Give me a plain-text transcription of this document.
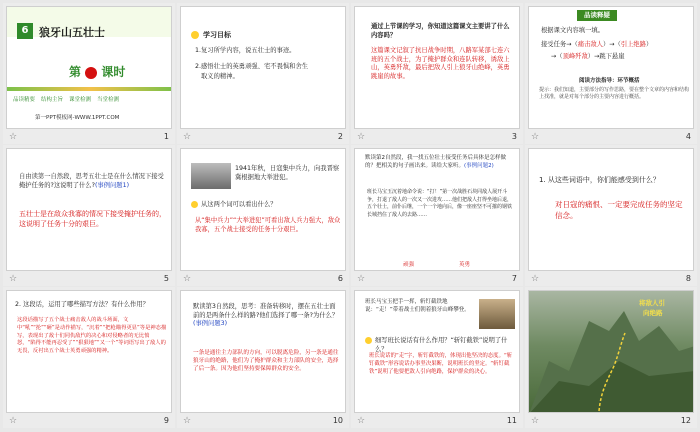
6 狼牙山五壮士
第 课时
品读精要 结构主旨 课堂检测 当堂检测
第一PPT模板网-WWW.1PPT.COM
☆	1
学习目标
1.复习所学内容，说五壮士的事迹。
2.感悟壮士的英勇顽强、宅不畏惧和舍生
取义的精神。
☆	2
通过上节课的学习，你知道这篇课文主要讲了什么内容吗？
这篇课文记叙了抗日战争时期，八路军某部七连六班的五个战士，为了掩护群众和连队转移，诱敌上山，英勇歼敌，最后把敌人引上狼牙山绝峰，英勇跳崖的故事。
☆	3
品读释疑
根据课文内容填一填。
接受任务→（痛击敌人）→（引上绝路）
→（顶峰歼敌）→跳下悬崖
阅读方法指导：环节概括
提示：我们知道，主要部分的写作思路，要在整个文章的内容和结构上找准，就是对每个部分的主要内容进行概括。
☆	4
自由读第一自然段，思考五壮士是在什么情况下接受掩护任务的?这说明了什么?(事例问题1)
五壮士是在敌众我寡的情况下接受掩护任务的，这说明了任务十分的艰巨。
☆	5
1941年秋，日寇集中兵力，向我晋察冀根据地大举进犯。
从这两个词可以看出什么？
从“集中兵力”“大举进犯”可看出敌人兵力强大，敌众我寡，五个战士接受的任务十分艰巨。
☆	6
默读第2自然段，我一找五位壮士接受任务后具体是怎样做的？把相关的句子画出来。读给大家听。(事例问题2)
班长马宝玉沉着地命令说：“打！”第一次战胜石块同敌人展开斗争，打退了敌人的一次又一次进攻……他们把敌人打得坐地后退，五个壮士，前仆后继，一个一个地向后，像一座座坚不可摧的钢铁长城挡住了敌人的去路……
顽强	英勇
☆	7
1. 从这些词语中，你们能感受到什么？
对日寇的痛恨、一定要完成任务的坚定信念。
☆	8
2. 这段话，运用了哪些描写方法？有什么作用？
这段话描写了五个战士痛击敌人的战斗场面，文中“吼”“抡”“砸”是动作描写，“沉着”“把枪瞄得更显”等是神态描写，表现出了敌十们同仇敌忾的决心和对侵略者的无比愤怒，“陷得不能再忍受了”“狠狠地”“又一个”等词语写出了敌人的无畏，反衬出五个战士英勇顽强的精神。
☆	9
默读第3自然段，思考：准备转移时，摆在五壮士面前的是两条什么样的路?他们选择了哪一条?为什么？(事例问题3)
一条是通往主力部队的方向，可以脱离危险，另一条是通往狼牙山的绝路，他们为了掩护群众和主力部队的安全，选择了后一条。因为他们坚持要保障群众的安全。
☆	10
班长马宝玉把手一挥，斩钉截铁地说：“走！”带着战士们朝着狼牙山峰攀登。
细写班长说话有什么作用？“斩钉截铁”说明了什么？
班长说话的“走”字，斩钉截铁的，体现出他坚决的态度。“斩钉截铁”形容说话办事坚决果断，说明班长的坚定。“斩钉截铁”说明了他要把敌人引向绝路，保护群众的决心。
☆	11
将敌人引
向绝路
☆	12
